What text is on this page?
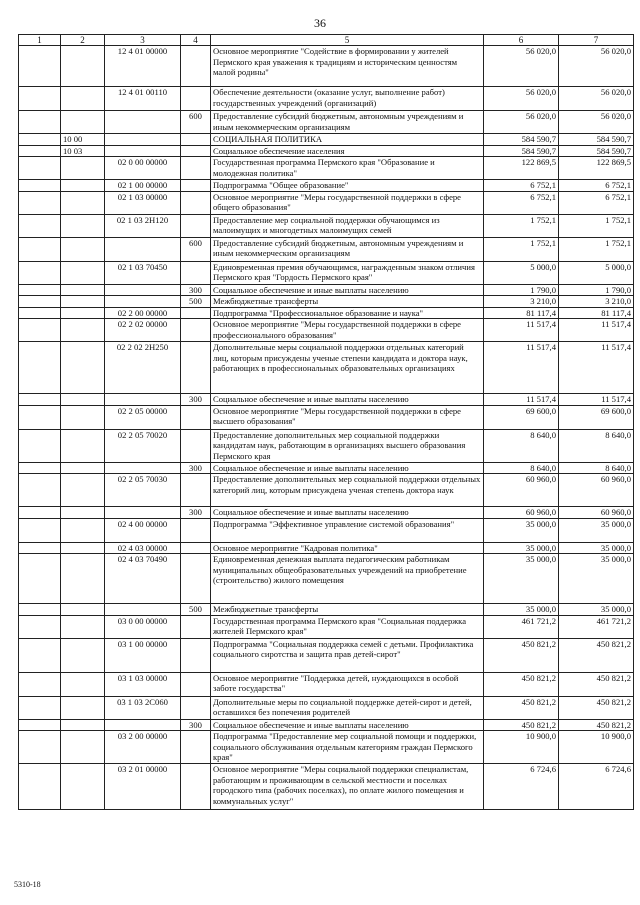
36
1	2	3	4	5	6	7
		12 4 01 00000		Основное мероприятие "Содействие в формировании у жителей Пермского края уважения к традициям и историческим ценностям малой родины"	56 020,0	56 020,0
		12 4 01 00110		Обеспечение деятельности (оказание услуг, выполнение работ) государственных учреждений (организаций)	56 020,0	56 020,0
			600	Предоставление субсидий бюджетным, автономным учреждениям и иным некоммерческим организациям	56 020,0	56 020,0
	10 00			СОЦИАЛЬНАЯ ПОЛИТИКА	584 590,7	584 590,7
	10 03			Социальное обеспечение населения	584 590,7	584 590,7
		02 0 00 00000		Государственная программа Пермского края "Образование и молодежная политика"	122 869,5	122 869,5
		02 1 00 00000		Подпрограмма "Общее образование"	6 752,1	6 752,1
		02 1 03 00000		Основное мероприятие "Меры государственной поддержки в сфере общего образования"	6 752,1	6 752,1
		02 1 03 2Н120		Предоставление мер социальной поддержки обучающимся из малоимущих и многодетных малоимущих семей	1 752,1	1 752,1
			600	Предоставление субсидий бюджетным, автономным учреждениям и иным некоммерческим организациям	1 752,1	1 752,1
		02 1 03 70450		Единовременная премия обучающимся, награжденным знаком отличия Пермского края "Гордость Пермского края"	5 000,0	5 000,0
			300	Социальное обеспечение и иные выплаты населению	1 790,0	1 790,0
			500	Межбюджетные трансферты	3 210,0	3 210,0
		02 2 00 00000		Подпрограмма "Профессиональное образование и наука"	81 117,4	81 117,4
		02 2 02 00000		Основное мероприятие "Меры государственной поддержки в сфере профессионального образования"	11 517,4	11 517,4
		02 2 02 2Н250		Дополнительные меры социальной поддержки отдельных категорий лиц, которым присуждены ученые степени кандидата и доктора наук, работающих в профессиональных образовательных организациях	11 517,4	11 517,4
			300	Социальное обеспечение и иные выплаты населению	11 517,4	11 517,4
		02 2 05 00000		Основное мероприятие "Меры государственной поддержки в сфере высшего образования"	69 600,0	69 600,0
		02 2 05 70020		Предоставление дополнительных мер социальной поддержки кандидатам наук, работающим в организациях высшего образования Пермского края	8 640,0	8 640,0
			300	Социальное обеспечение и иные выплаты населению	8 640,0	8 640,0
		02 2 05 70030		Предоставление дополнительных мер социальной поддержки отдельных категорий лиц, которым присуждена ученая степень доктора наук	60 960,0	60 960,0
			300	Социальное обеспечение и иные выплаты населению	60 960,0	60 960,0
		02 4 00 00000		Подпрограмма "Эффективное управление системой образования"	35 000,0	35 000,0
		02 4 03 00000		Основное мероприятие "Кадровая политика"	35 000,0	35 000,0
		02 4 03 70490		Единовременная денежная выплата педагогическим работникам муниципальных общеобразовательных учреждений на приобретение (строительство) жилого помещения	35 000,0	35 000,0
			500	Межбюджетные трансферты	35 000,0	35 000,0
		03 0 00 00000		Государственная программа Пермского края "Социальная поддержка жителей Пермского края"	461 721,2	461 721,2
		03 1 00 00000		Подпрограмма "Социальная поддержка семей с детьми. Профилактика социального сиротства и защита прав детей-сирот"	450 821,2	450 821,2
		03 1 03 00000		Основное мероприятие "Поддержка детей, нуждающихся в особой заботе государства"	450 821,2	450 821,2
		03 1 03 2С060		Дополнительные меры по социальной поддержке детей-сирот и детей, оставшихся без попечения родителей	450 821,2	450 821,2
			300	Социальное обеспечение и иные выплаты населению	450 821,2	450 821,2
		03 2 00 00000		Подпрограмма "Предоставление мер социальной помощи и поддержки, социального обслуживания отдельным категориям граждан Пермского края"	10 900,0	10 900,0
		03 2 01 00000		Основное мероприятие "Меры социальной поддержки специалистам, работающим и проживающим в сельской местности и поселках городского типа (рабочих поселках), по оплате жилого помещения и коммунальных услуг"	6 724,6	6 724,6
5310-18
